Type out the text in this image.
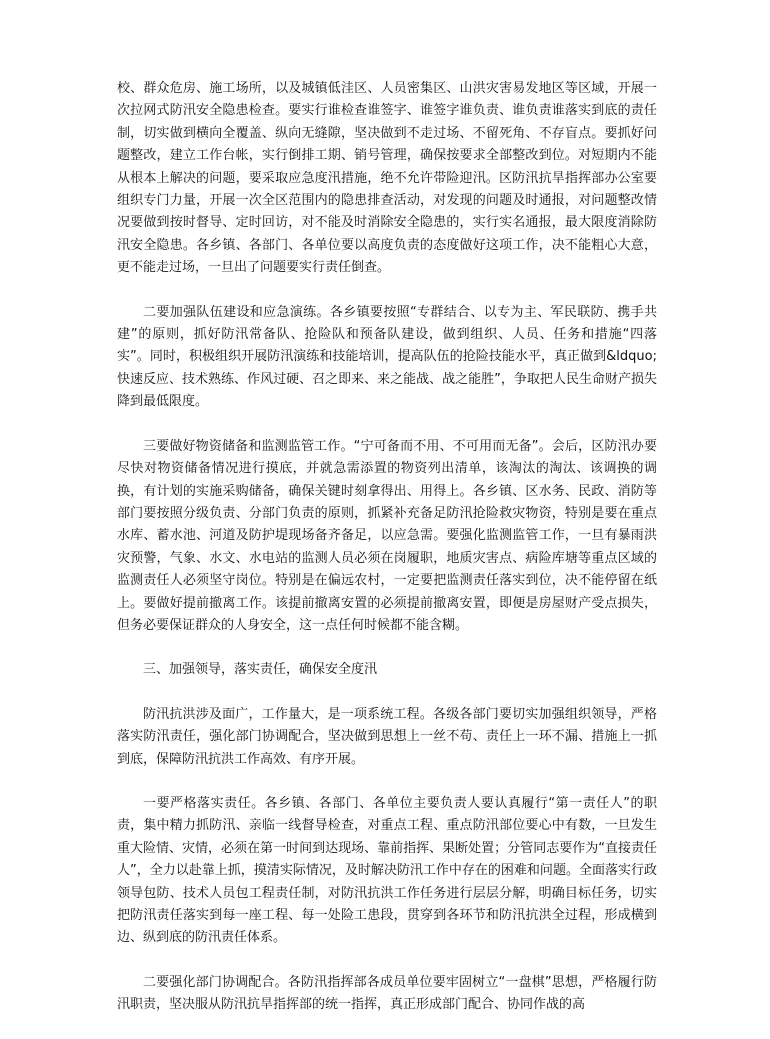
校、群众危房、施工场所，以及城镇低洼区、人员密集区、山洪灾害易发地区等区域，开展一次拉网式防汛安全隐患检查。要实行谁检查谁签字、谁签字谁负责、谁负责谁落实到底的责任制，切实做到横向全覆盖、纵向无缝隙，坚决做到不走过场、不留死角、不存盲点。要抓好问题整改，建立工作台帐，实行倒排工期、销号管理，确保按要求全部整改到位。对短期内不能从根本上解决的问题，要采取应急度汛措施，绝不允许带险迎汛。区防汛抗旱指挥部办公室要组织专门力量，开展一次全区范围内的隐患排查活动，对发现的问题及时通报，对问题整改情况要做到按时督导、定时回访，对不能及时消除安全隐患的，实行实名通报，最大限度消除防汛安全隐患。各乡镇、各部门、各单位要以高度负责的态度做好这项工作，决不能粗心大意，更不能走过场，一旦出了问题要实行责任倒查。

二要加强队伍建设和应急演练。各乡镇要按照“专群结合、以专为主、军民联防、携手共建”的原则，抓好防汛常备队、抢险队和预备队建设，做到组织、人员、任务和措施“四落实”。同时，积极组织开展防汛演练和技能培训，提高队伍的抢险技能水平，真正做到&ldquo;快速反应、技术熟练、作风过硬、召之即来、来之能战、战之能胜”，争取把人民生命财产损失降到最低限度。

三要做好物资储备和监测监管工作。“宁可备而不用、不可用而无备”。会后，区防汛办要尽快对物资储备情况进行摸底，并就急需添置的物资列出清单，该淘汰的淘汰、该调换的调换，有计划的实施采购储备，确保关键时刻拿得出、用得上。各乡镇、区水务、民政、消防等部门要按照分级负责、分部门负责的原则，抓紧补充备足防汛抢险救灾物资，特别是要在重点水库、蓄水池、河道及防护堤现场备齐备足，以应急需。要强化监测监管工作，一旦有暴雨洪灾预警，气象、水文、水电站的监测人员必须在岗履职，地质灾害点、病险库塘等重点区域的监测责任人必须坚守岗位。特别是在偏远农村，一定要把监测责任落实到位，决不能停留在纸上。要做好提前撤离工作。该提前撤离安置的必须提前撤离安置，即便是房屋财产受点损失，但务必要保证群众的人身安全，这一点任何时候都不能含糊。

三、加强领导，落实责任，确保安全度汛

防汛抗洪涉及面广，工作量大，是一项系统工程。各级各部门要切实加强组织领导，严格落实防汛责任，强化部门协调配合，坚决做到思想上一丝不苟、责任上一环不漏、措施上一抓到底，保障防汛抗洪工作高效、有序开展。

一要严格落实责任。各乡镇、各部门、各单位主要负责人要认真履行“第一责任人”的职责，集中精力抓防汛、亲临一线督导检查，对重点工程、重点防汛部位要心中有数，一旦发生重大险情、灾情，必须在第一时间到达现场、靠前指挥、果断处置；分管同志要作为“直接责任人”，全力以赴靠上抓，摸清实际情况，及时解决防汛工作中存在的困难和问题。全面落实行政领导包防、技术人员包工程责任制，对防汛抗洪工作任务进行层层分解，明确目标任务，切实把防汛责任落实到每一座工程、每一处险工患段，贯穿到各环节和防汛抗洪全过程，形成横到边、纵到底的防汛责任体系。

二要强化部门协调配合。各防汛指挥部各成员单位要牢固树立“一盘棋”思想，严格履行防汛职责，坚决服从防汛抗旱指挥部的统一指挥，真正形成部门配合、协同作战的高
